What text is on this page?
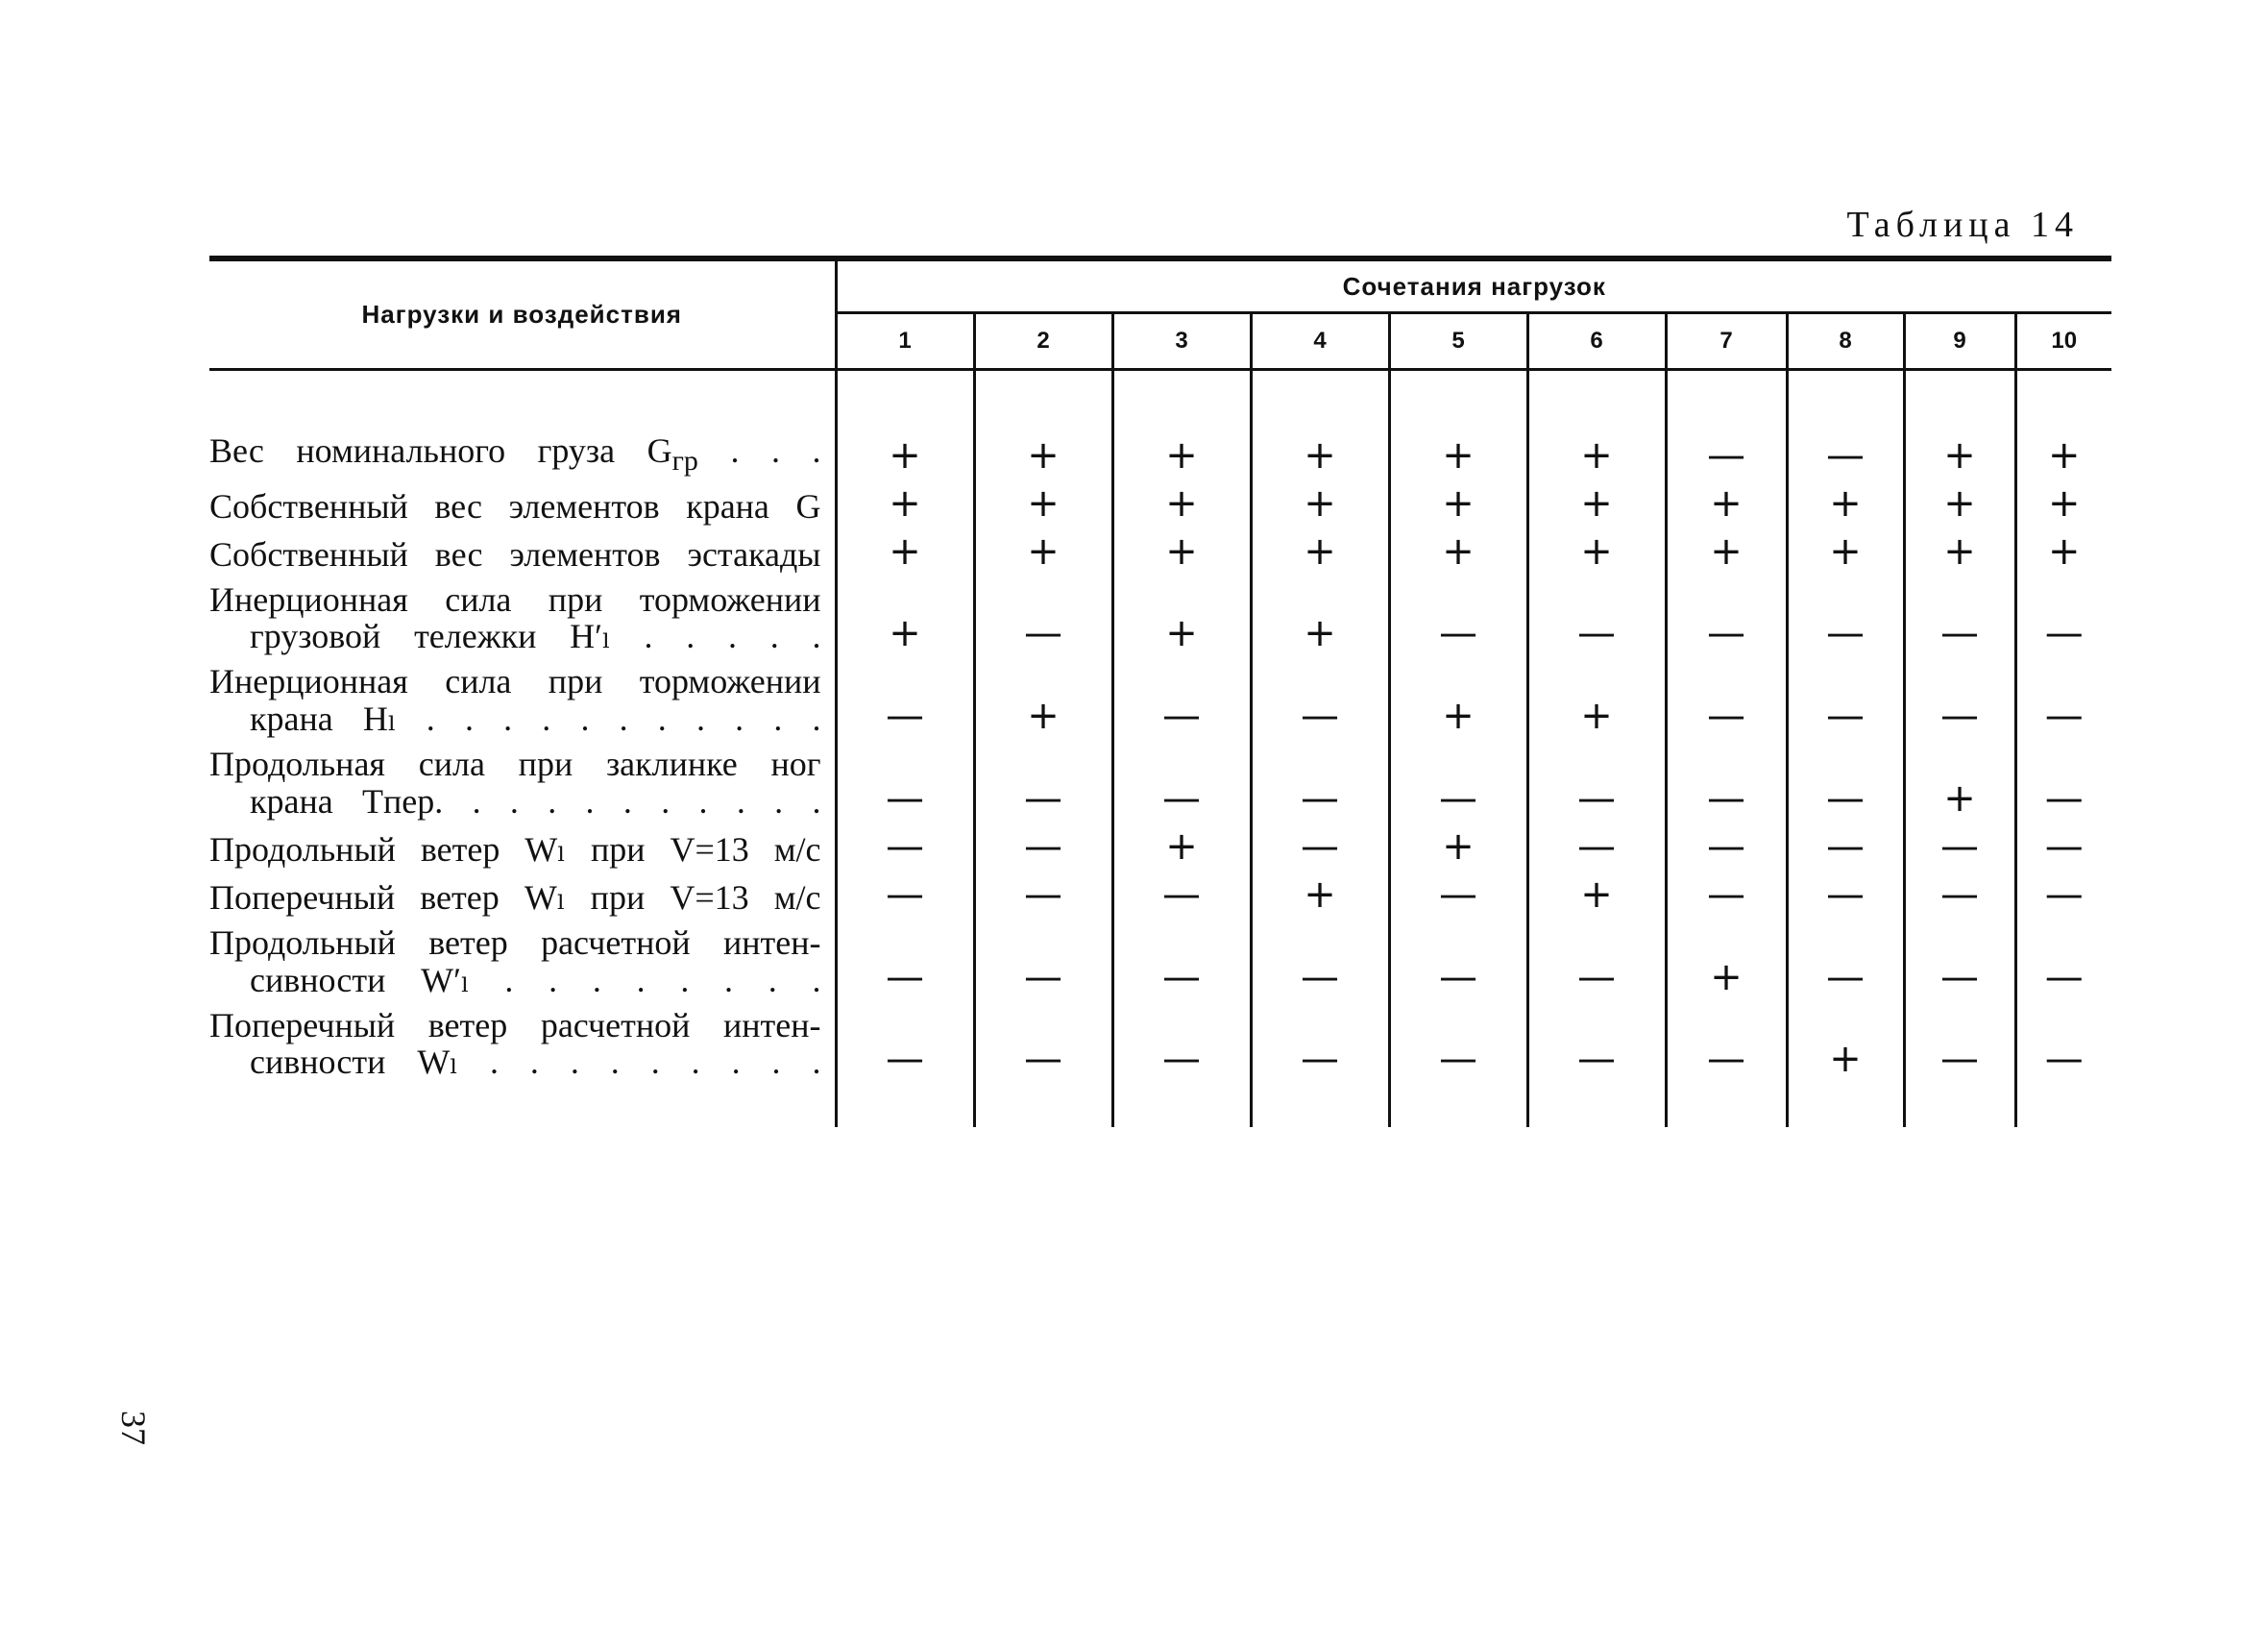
Таблица 14

Нагрузки и воздействия	Сочетания нагрузок									
	1	2	3	4	5	6	7	8	9	10

Вес номинального груза $G_{гр}$ . . .	+	+	+	+	+	+	—	—	+	+

Собственный вес элементов крана G	+	+	+	+	+	+	+	+	+	+

Собственный вес элементов эстакады	+	+	+	+	+	+	+	+	+	+

Инерционная сила при торможении
грузовой тележки H′ₗ . . . . .	+	—	+	+	—	—	—	—	—	—

Инерционная сила при торможении
крана Hₗ . . . . . . . . . . .	—	+	—	—	+	+	—	—	—	—

Продольная сила при заклинке ног
крана Tпер. . . . . . . . . . .	—	—	—	—	—	—	—	—	+	—

Продольный ветер Wₗ при V=13 м/с	—	—	+	—	+	—	—	—	—	—

Поперечный ветер Wₗ при V=13 м/с	—	—	—	+	—	+	—	—	—	—

Продольный ветер расчетной интен-
сивности W′ₗ . . . . . . . .	—	—	—	—	—	—	+	—	—	—

Поперечный ветер расчетной интен-
сивности Wₗ . . . . . . . . .	—	—	—	—	—	—	—	+	—	—

37
